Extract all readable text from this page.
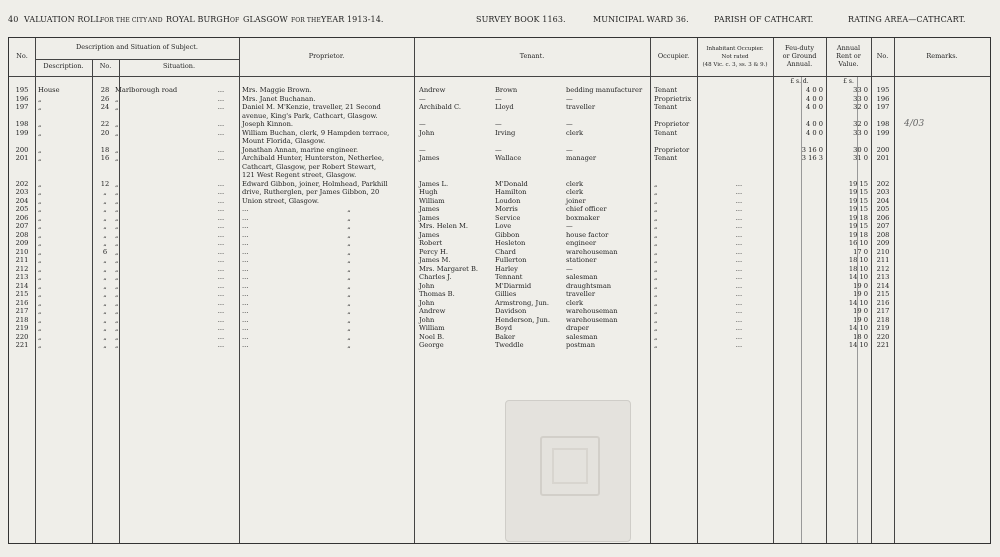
40 VALUATION ROLL FOR THE CITY AND ROYAL BURGH OF GLASGOW FOR THE YEAR 1913-14.	SURVEY BOOK 1163.	MUNICIPAL WARD 36.	PARISH OF CATHCART.	RATING AREA—CATHCART.
No.
Description and Situation of Subject.
Description.	No.	Situation.
Proprietor.	Tenant.	Occupier.
Inhabitant Occupier.
Not rated
(48 Vic. c. 3, ss. 3 & 9.)
Feu-duty
or Ground
Annual.
Annual
Rent or
Value.
No.	Remarks.
£ s. d.	£ s.
195	House	28 Marlborough road	...	Mrs. Maggie Brown.	Andrew	Brown	bedding manufacturer	Tenant	4 0 0	33 0	195
196	„	26 „	...	Mrs. Janet Buchanan.	—	—	—	Proprietrix	4 0 0	33 0	196
197	„	24 „	...	Daniel M. M'Kenzie, traveller, 21 Second	Archibald C.	Lloyd	traveller	Tenant	4 0 0	32 0	197
avenue, King's Park, Cathcart, Glasgow.
198	„	22 „	...	Joseph Kinnon.	—	—	—	Proprietor	4 0 0	32 0	198
199	„	20 „	...	William Buchan, clerk, 9 Hampden terrace,	John	Irving	clerk	Tenant	4 0 0	33 0	199
Mount Florida, Glasgow.
200	„	18 „	...	Jonathan Annan, marine engineer.	—	—	—	Proprietor	3 16 0	30 0	200
201	„	16 „	...	Archibald Hunter, Hunterston, Netherlee,	James	Wallace	manager	Tenant	3 16 3	31 0	201
Cathcart, Glasgow, per Robert Stewart,
121 West Regent street, Glasgow.
202	„	12 „	...	Edward Gibbon, joiner, Holmhead, Parkhill	James L.	M'Donald	clerk	„	...	19 15	202
203	„	„	„	...	drive, Rutherglen, per James Gibbon, 20	Hugh	Hamilton	clerk	„	...	19 15	203
204	„	„	„	...	Union street, Glasgow.	William	Loudon	joiner	„	...	19 15	204
205	„	„	„	...	...	„	James	Morris	chief officer	„	...	19 15	205
206	„	„	„	...	...	„	James	Service	boxmaker	„	...	19 18	206
207	„	„	„	...	...	„	Mrs. Helen M.	Love	—	„	...	19 15	207
208	„	„	„	...	...	„	James	Gibbon	house factor	„	...	19 18	208
209	„	„	„	...	...	„	Robert	Hesleton	engineer	„	...	16 10	209
210	„	6	„	...	...	„	Percy H.	Chard	warehouseman	„	...	17 0	210
211	„	„	„	...	...	„	James M.	Fullerton	stationer	„	...	18 10	211
212	„	„	„	...	...	„	Mrs. Margaret B.	Harley	—	„	...	18 10	212
213	„	„	„	...	...	„	Charles J.	Tennant	salesman	„	...	14 10	213
214	„	„	„	...	...	„	John	M'Diarmid	draughtsman	„	...	19 0	214
215	„	„	„	...	...	„	Thomas B.	Gillies	traveller	„	...	19 0	215
216	„	„	„	...	...	„	John	Armstrong, Jun.	clerk	„	...	14 10	216
217	„	„	„	...	...	„	Andrew	Davidson	warehouseman	„	...	19 0	217
218	„	„	„	...	...	„	John	Henderson, Jun.	warehouseman	„	...	19 0	218
219	„	„	„	...	...	„	William	Boyd	draper	„	...	14 10	219
220	„	„	„	...	...	„	Noel B.	Baker	salesman	„	...	18 0	220
221	„	„	„	...	...	„	George	Tweddle	postman	„	...	14 10	221
4/03
